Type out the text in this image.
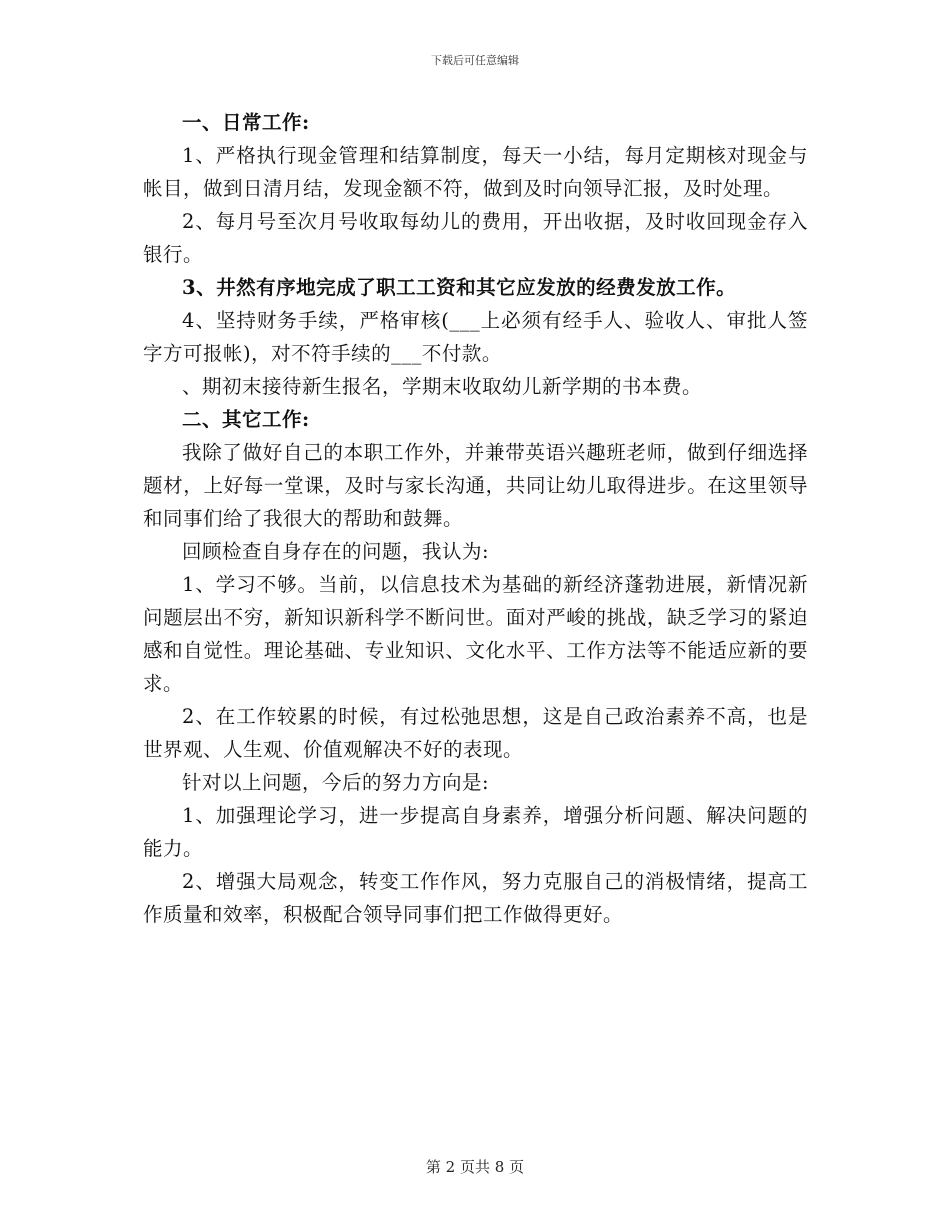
下载后可任意编辑

一、日常工作:

1、严格执行现金管理和结算制度，每天一小结，每月定期核对现金与帐目，做到日清月结，发现金额不符，做到及时向领导汇报，及时处理。

2、每月号至次月号收取每幼儿的费用，开出收据，及时收回现金存入银行。

3、井然有序地完成了职工工资和其它应发放的经费发放工作。

4、坚持财务手续，严格审核(___上必须有经手人、验收人、审批人签字方可报帐)，对不符手续的___不付款。

、期初末接待新生报名，学期末收取幼儿新学期的书本费。

二、其它工作:

我除了做好自己的本职工作外，并兼带英语兴趣班老师，做到仔细选择题材，上好每一堂课，及时与家长沟通，共同让幼儿取得进步。在这里领导和同事们给了我很大的帮助和鼓舞。

回顾检查自身存在的问题，我认为:

1、学习不够。当前，以信息技术为基础的新经济蓬勃进展，新情况新问题层出不穷，新知识新科学不断问世。面对严峻的挑战，缺乏学习的紧迫感和自觉性。理论基础、专业知识、文化水平、工作方法等不能适应新的要求。

2、在工作较累的时候，有过松弛思想，这是自己政治素养不高，也是世界观、人生观、价值观解决不好的表现。

针对以上问题，今后的努力方向是:

1、加强理论学习，进一步提高自身素养，增强分析问题、解决问题的能力。

2、增强大局观念，转变工作作风，努力克服自己的消极情绪，提高工作质量和效率，积极配合领导同事们把工作做得更好。

第 2 页共 8 页
